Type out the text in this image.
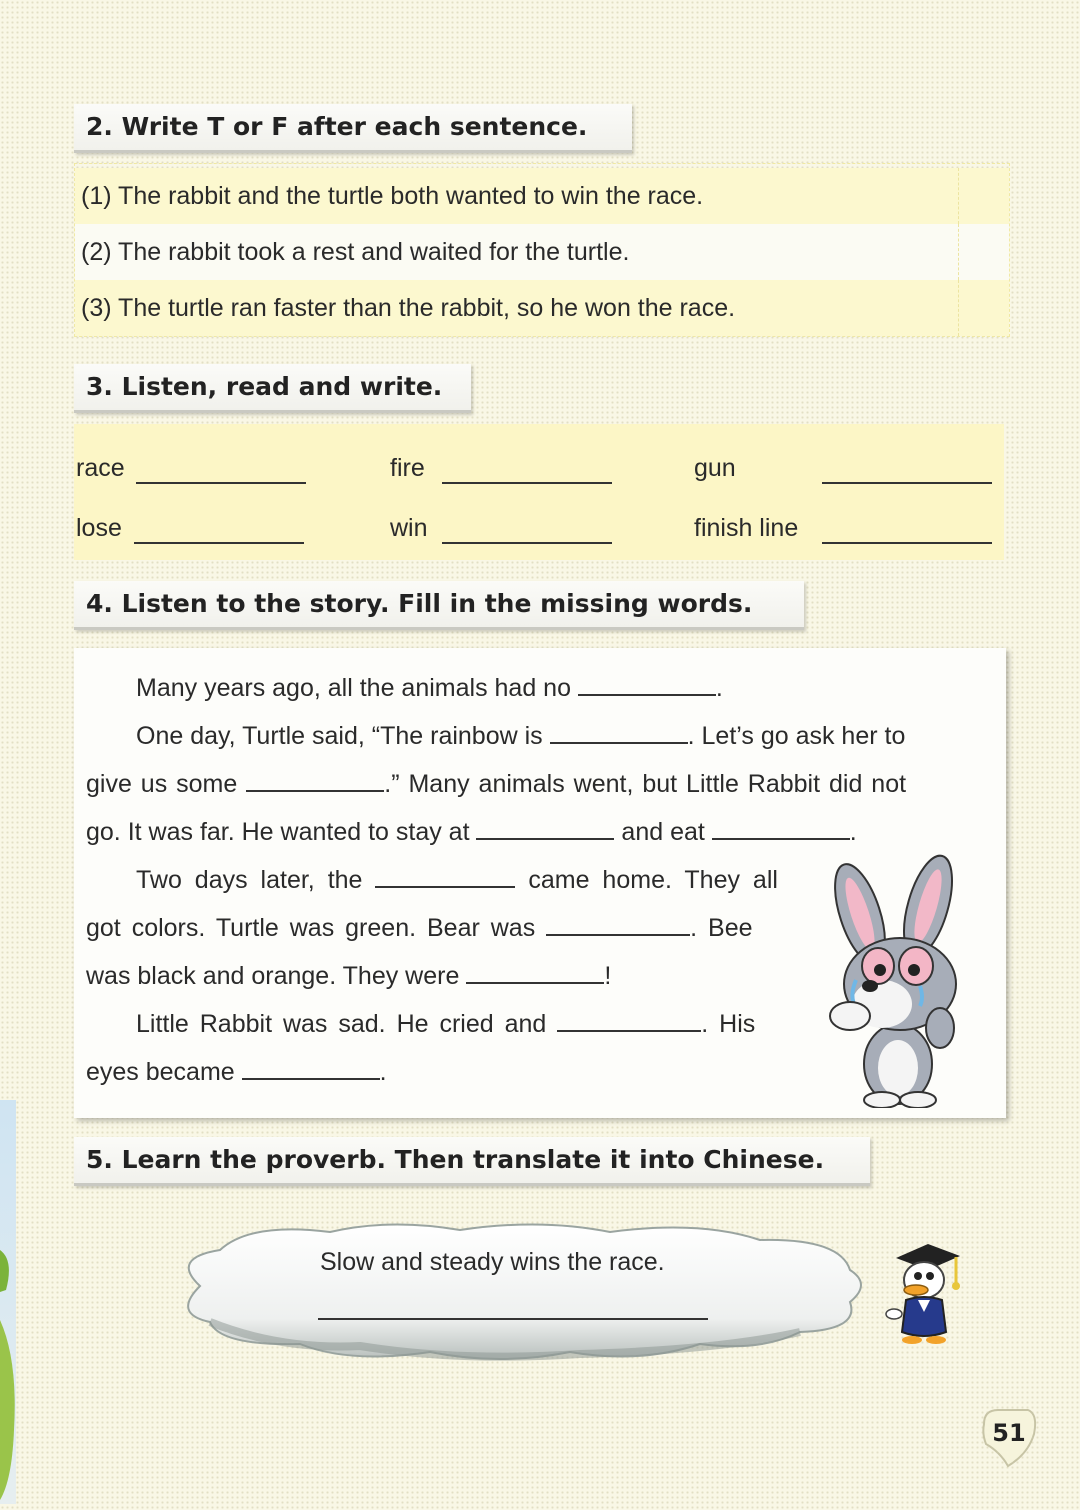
2. Write T or F after each sentence.
(1) The rabbit and the turtle both wanted to win the race.
(2) The rabbit took a rest and waited for the turtle.
(3) The turtle ran faster than the rabbit, so he won the race.
3. Listen, read and write.
race	fire	gun
lose	win	finish line
4. Listen to the story. Fill in the missing words.
Many years ago, all the animals had no	.
One day, Turtle said, “The rainbow is	. Let’s go ask her to
give us some	.” Many animals went, but Little Rabbit did not
go. It was far. He wanted to stay at	and eat	.
Two days later, the	came home. They all
got colors. Turtle was green. Bear was	. Bee
was black and orange. They were	!
Little Rabbit was sad. He cried and	. His
eyes became	.
5. Learn the proverb. Then translate it into Chinese.
Slow and steady wins the race.
51
